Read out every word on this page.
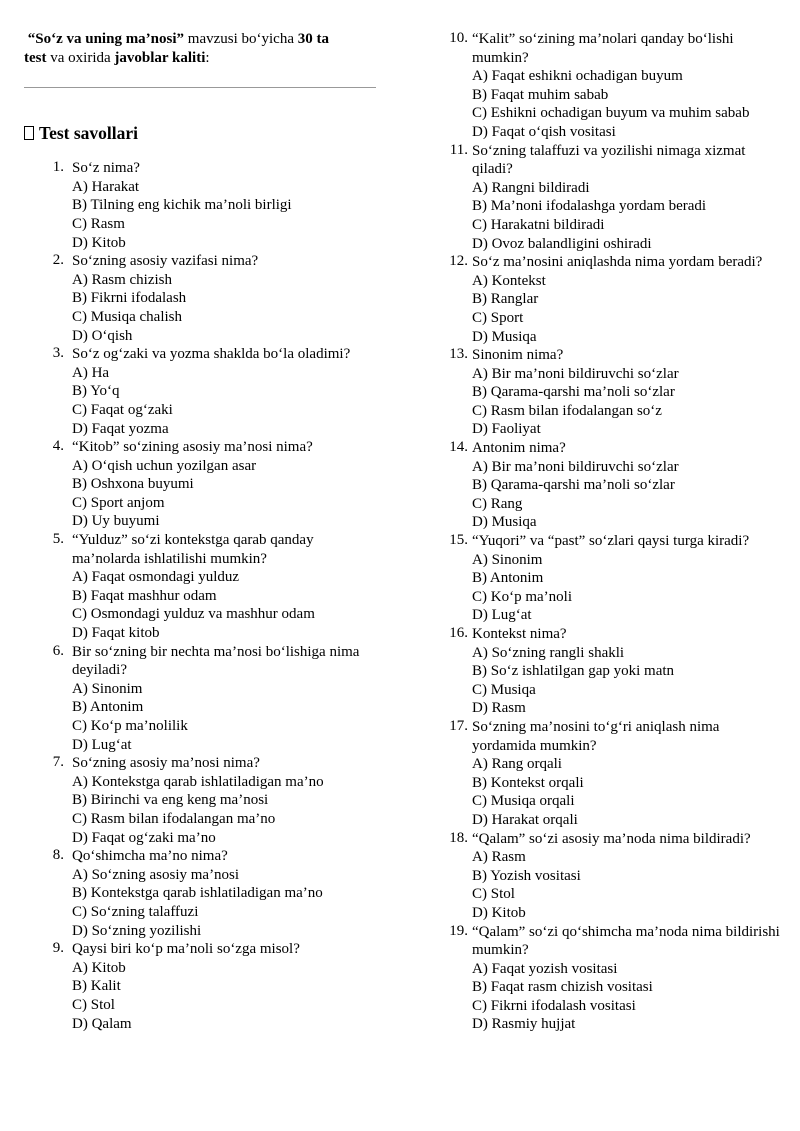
“So‘z va uning ma’nosi” mavzusi bo‘yicha 30 ta
test va oxirida javoblar kaliti:

Test savollari
1. So‘z nima?
A) Harakat
B) Tilning eng kichik ma’noli birligi
C) Rasm
D) Kitob
2. So‘zning asosiy vazifasi nima?
A) Rasm chizish
B) Fikrni ifodalash
C) Musiqa chalish
D) O‘qish
3. So‘z og‘zaki va yozma shaklda bo‘la oladimi?
A) Ha
B) Yo‘q
C) Faqat og‘zaki
D) Faqat yozma
4. “Kitob” so‘zining asosiy ma’nosi nima?
A) O‘qish uchun yozilgan asar
B) Oshxona buyumi
C) Sport anjom
D) Uy buyumi
5. “Yulduz” so‘zi kontekstga qarab qanday ma’nolarda ishlatilishi mumkin?
A) Faqat osmondagi yulduz
B) Faqat mashhur odam
C) Osmondagi yulduz va mashhur odam
D) Faqat kitob
6. Bir so‘zning bir nechta ma’nosi bo‘lishiga nima deyiladi?
A) Sinonim
B) Antonim
C) Ko‘p ma’nolilik
D) Lug‘at
7. So‘zning asosiy ma’nosi nima?
A) Kontekstga qarab ishlatiladigan ma’no
B) Birinchi va eng keng ma’nosi
C) Rasm bilan ifodalangan ma’no
D) Faqat og‘zaki ma’no
8. Qo‘shimcha ma’no nima?
A) So‘zning asosiy ma’nosi
B) Kontekstga qarab ishlatiladigan ma’no
C) So‘zning talaffuzi
D) So‘zning yozilishi
9. Qaysi biri ko‘p ma’noli so‘zga misol?
A) Kitob
B) Kalit
C) Stol
D) Qalam
10. “Kalit” so‘zining ma’nolari qanday bo‘lishi mumkin?
A) Faqat eshikni ochadigan buyum
B) Faqat muhim sabab
C) Eshikni ochadigan buyum va muhim sabab
D) Faqat o‘qish vositasi
11. So‘zning talaffuzi va yozilishi nimaga xizmat qiladi?
A) Rangni bildiradi
B) Ma’noni ifodalashga yordam beradi
C) Harakatni bildiradi
D) Ovoz balandligini oshiradi
12. So‘z ma’nosini aniqlashda nima yordam beradi?
A) Kontekst
B) Ranglar
C) Sport
D) Musiqa
13. Sinonim nima?
A) Bir ma’noni bildiruvchi so‘zlar
B) Qarama-qarshi ma’noli so‘zlar
C) Rasm bilan ifodalangan so‘z
D) Faoliyat
14. Antonim nima?
A) Bir ma’noni bildiruvchi so‘zlar
B) Qarama-qarshi ma’noli so‘zlar
C) Rang
D) Musiqa
15. “Yuqori” va “past” so‘zlari qaysi turga kiradi?
A) Sinonim
B) Antonim
C) Ko‘p ma’noli
D) Lug‘at
16. Kontekst nima?
A) So‘zning rangli shakli
B) So‘z ishlatilgan gap yoki matn
C) Musiqa
D) Rasm
17. So‘zning ma’nosini to‘g‘ri aniqlash nima yordamida mumkin?
A) Rang orqali
B) Kontekst orqali
C) Musiqa orqali
D) Harakat orqali
18. “Qalam” so‘zi asosiy ma’noda nima bildiradi?
A) Rasm
B) Yozish vositasi
C) Stol
D) Kitob
19. “Qalam” so‘zi qo‘shimcha ma’noda nima bildirishi mumkin?
A) Faqat yozish vositasi
B) Faqat rasm chizish vositasi
C) Fikrni ifodalash vositasi
D) Rasmiy hujjat
